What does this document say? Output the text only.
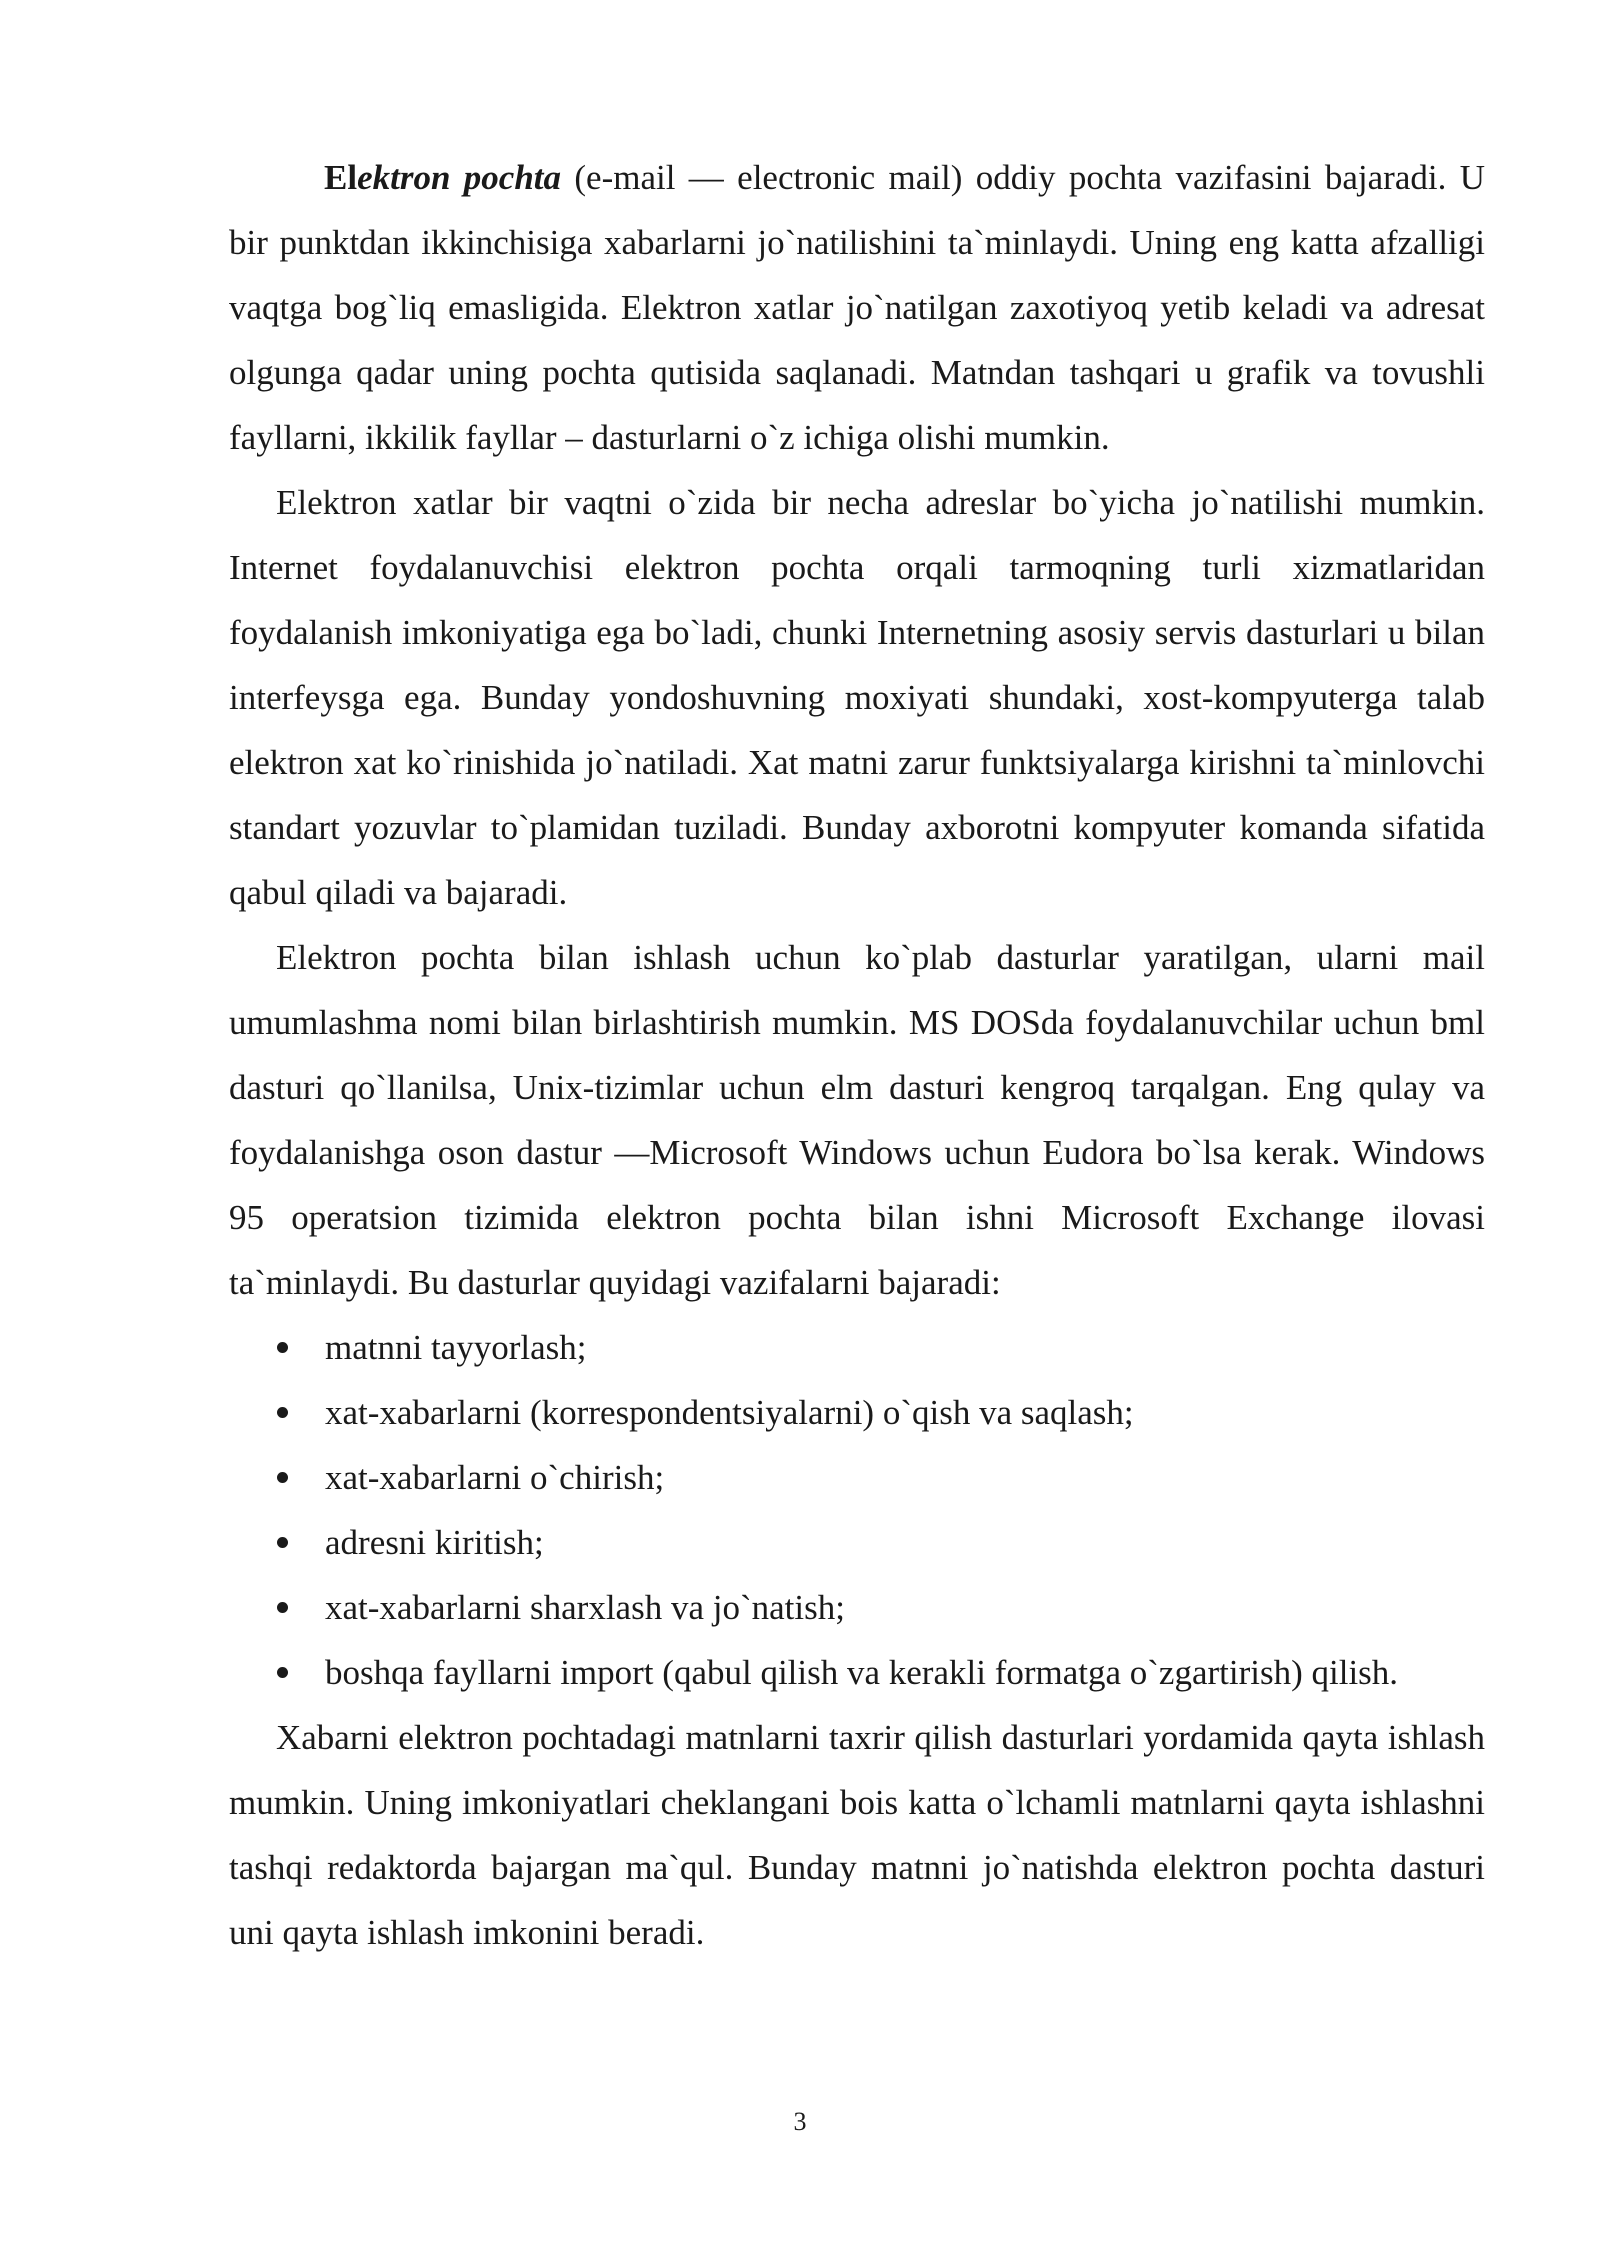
Elektron pochta (e-mail — electronic mail) oddiy pochta vazifasini bajaradi. U bir punktdan ikkinchisiga xabarlarni jo`natilishini ta`minlaydi. Uning eng katta afzalligi vaqtga bog`liq emasligida. Elektron xatlar jo`natilgan zaxotiyoq yetib keladi va adresat olgunga qadar uning pochta qutisida saqlanadi. Matndan tashqari u grafik va tovushli fayllarni, ikkilik fayllar – dasturlarni o`z ichiga olishi mumkin.

Elektron xatlar bir vaqtni o`zida bir necha adreslar bo`yicha jo`natilishi mumkin. Internet foydalanuvchisi elektron pochta orqali tarmoqning turli xizmatlaridan foydalanish imkoniyatiga ega bo`ladi, chunki Internetning asosiy servis dasturlari u bilan interfeysga ega. Bunday yondoshuvning moxiyati shundaki, xost-kompyuterga talab elektron xat ko`rinishida jo`natiladi. Xat matni zarur funktsiyalarga kirishni ta`minlovchi standart yozuvlar to`plamidan tuziladi. Bunday axborotni kompyuter komanda sifatida qabul qiladi va bajaradi.

Elektron pochta bilan ishlash uchun ko`plab dasturlar yaratilgan, ularni mail umumlashma nomi bilan birlashtirish mumkin. MS DOSda foydalanuvchilar uchun bml dasturi qo`llanilsa, Unix-tizimlar uchun elm dasturi kengroq tarqalgan. Eng qulay va foydalanishga oson dastur —Microsoft Windows uchun Eudora bo`lsa kerak. Windows 95 operatsion tizimida elektron pochta bilan ishni Microsoft Exchange ilovasi ta`minlaydi. Bu dasturlar quyidagi vazifalarni bajaradi:

matnni tayyorlash;
xat-xabarlarni (korrespondentsiyalarni) o`qish va saqlash;
xat-xabarlarni o`chirish;
adresni kiritish;
xat-xabarlarni sharxlash va jo`natish;
boshqa fayllarni import (qabul qilish va kerakli formatga o`zgartirish) qilish.

Xabarni elektron pochtadagi matnlarni taxrir qilish dasturlari yordamida qayta ishlash mumkin. Uning imkoniyatlari cheklangani bois katta o`lchamli matnlarni qayta ishlashni tashqi redaktorda bajargan ma`qul. Bunday matnni jo`natishda elektron pochta dasturi uni qayta ishlash imkonini beradi.

3
